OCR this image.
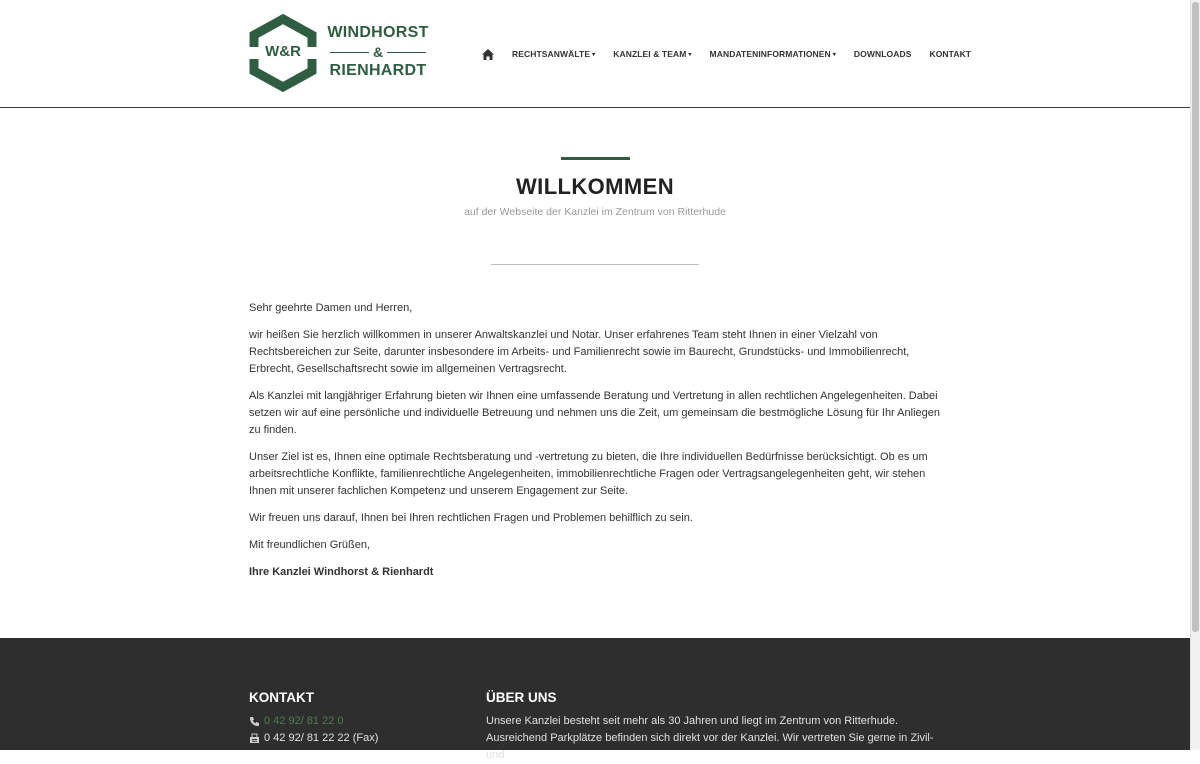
W&R
WINDHORST
&
RIENHARDT
RECHTSANWÄLTE ▾ KANZLEI & TEAM ▾ MANDATENINFORMATIONEN ▾ DOWNLOADS KONTAKT
WILLKOMMEN
auf der Webseite der Kanzlei im Zentrum von Ritterhude

Sehr geehrte Damen und Herren,

wir heißen Sie herzlich willkommen in unserer Anwaltskanzlei und Notar. Unser erfahrenes Team steht Ihnen in einer Vielzahl von Rechtsbereichen zur Seite, darunter insbesondere im Arbeits- und Familienrecht sowie im Baurecht, Grundstücks- und Immobilienrecht, Erbrecht, Gesellschaftsrecht sowie im allgemeinen Vertragsrecht.

Als Kanzlei mit langjähriger Erfahrung bieten wir Ihnen eine umfassende Beratung und Vertretung in allen rechtlichen Angelegenheiten. Dabei setzen wir auf eine persönliche und individuelle Betreuung und nehmen uns die Zeit, um gemeinsam die bestmögliche Lösung für Ihr Anliegen zu finden.

Unser Ziel ist es, Ihnen eine optimale Rechtsberatung und -vertretung zu bieten, die Ihre individuellen Bedürfnisse berücksichtigt. Ob es um arbeitsrechtliche Konflikte, familienrechtliche Angelegenheiten, immobilienrechtliche Fragen oder Vertragsangelegenheiten geht, wir stehen Ihnen mit unserer fachlichen Kompetenz und unserem Engagement zur Seite.

Wir freuen uns darauf, Ihnen bei Ihren rechtlichen Fragen und Problemen behilflich zu sein.

Mit freundlichen Grüßen,

Ihre Kanzlei Windhorst & Rienhardt

KONTAKT	ÜBER UNS
0 42 92/ 81 22 0
0 42 92/ 81 22 22 (Fax)
Unsere Kanzlei besteht seit mehr als 30 Jahren und liegt im Zentrum von Ritterhude. Ausreichend Parkplätze befinden sich direkt vor der Kanzlei. Wir vertreten Sie gerne in Zivil- und
